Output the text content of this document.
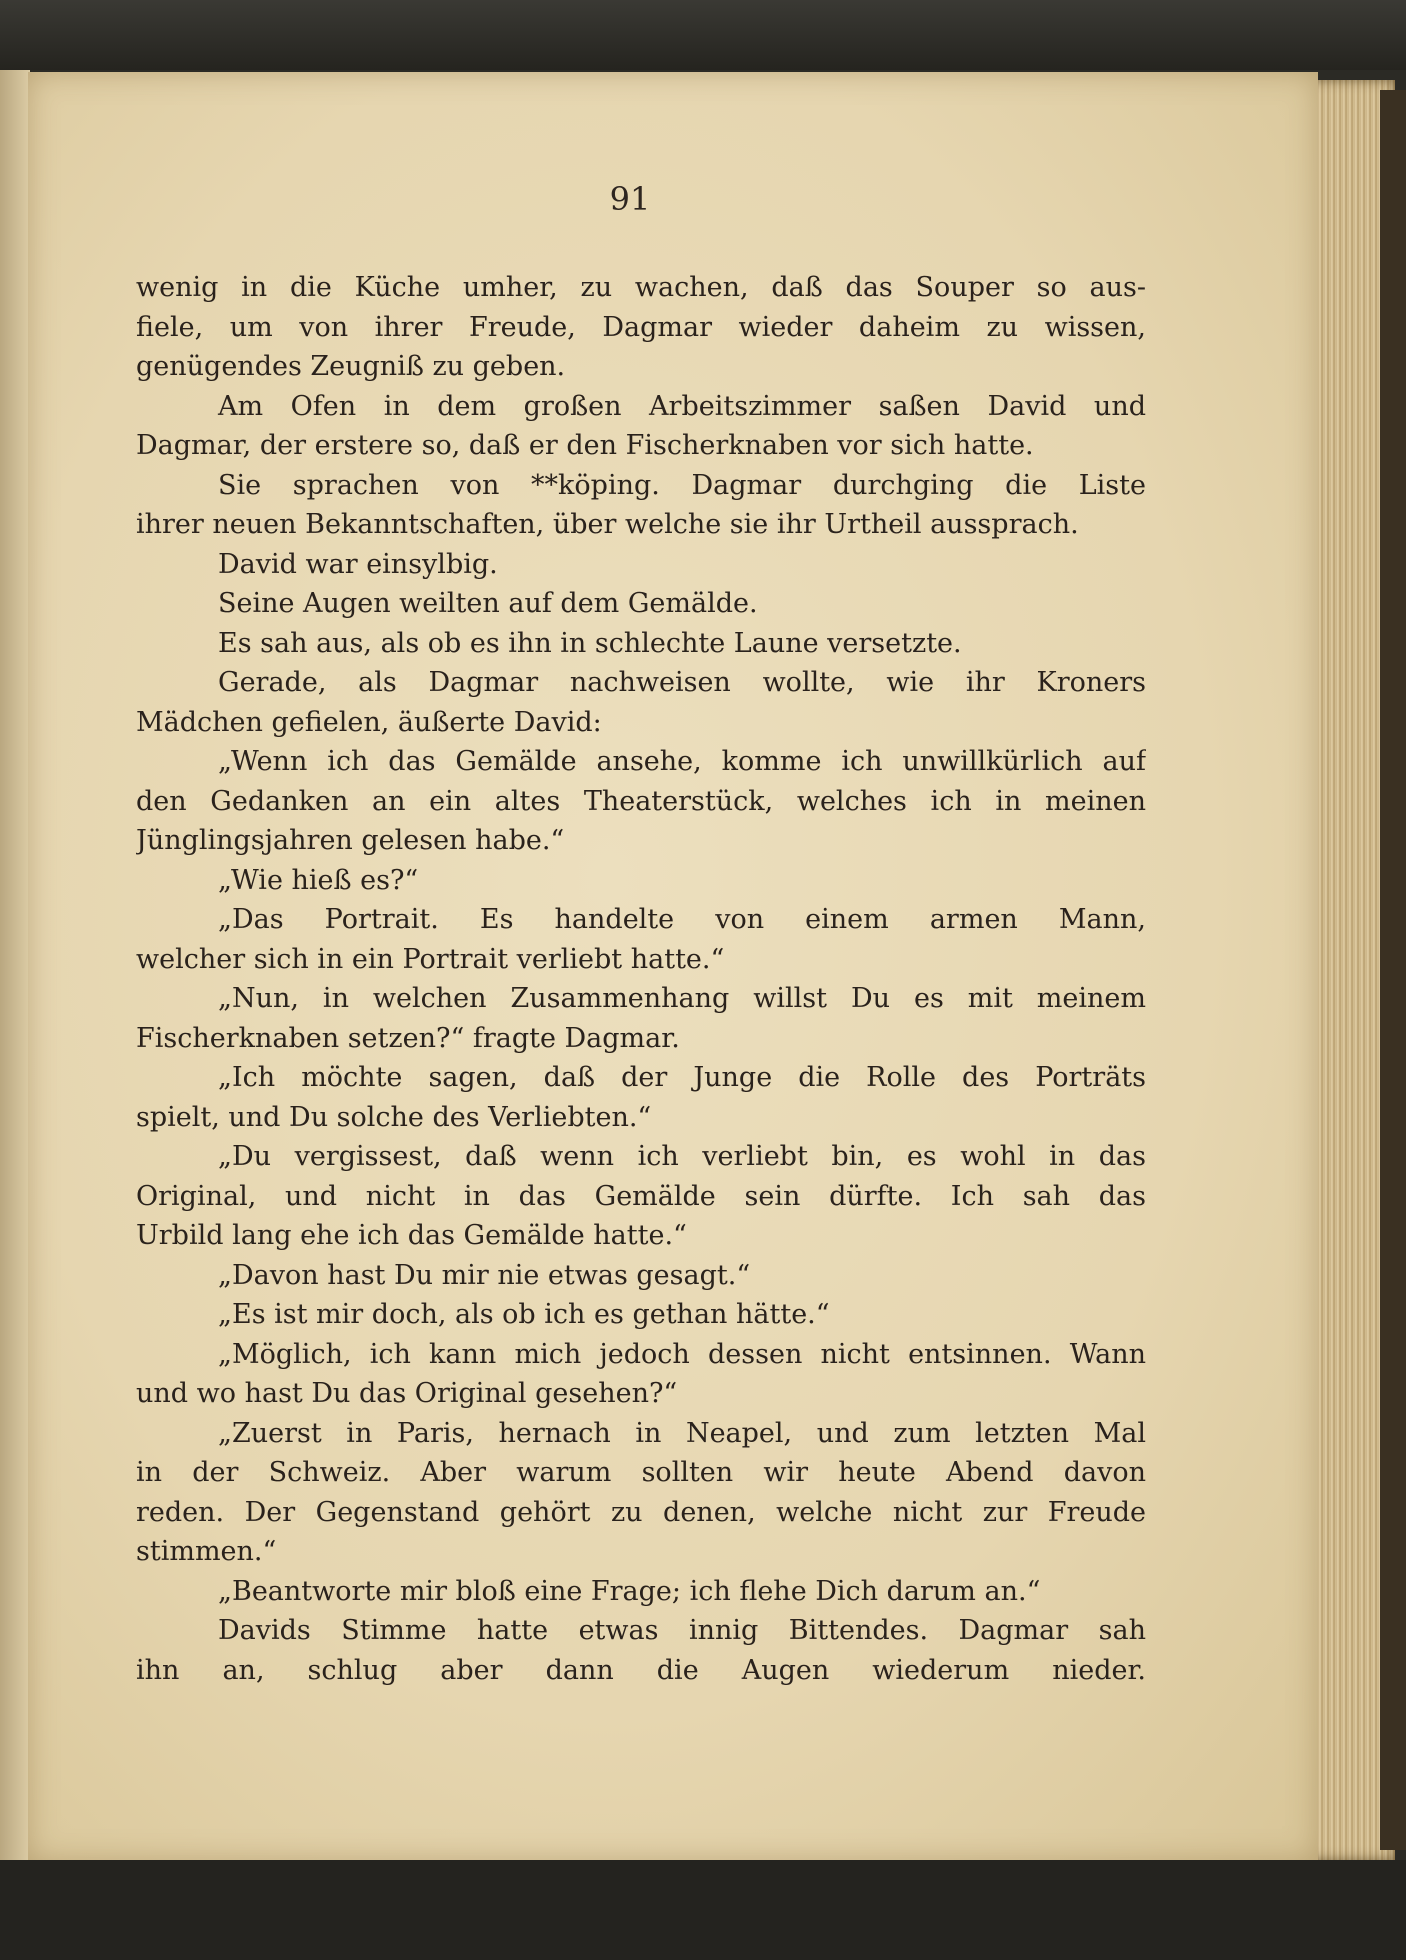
91
wenig in die Küche umher, zu wachen, daß das Souper so aus-
fiele, um von ihrer Freude, Dagmar wieder daheim zu wissen,
genügendes Zeugniß zu geben.
Am Ofen in dem großen Arbeitszimmer saßen David und
Dagmar, der erstere so, daß er den Fischerknaben vor sich hatte.
Sie sprachen von **köping. Dagmar durchging die Liste
ihrer neuen Bekanntschaften, über welche sie ihr Urtheil aussprach.
David war einsylbig.
Seine Augen weilten auf dem Gemälde.
Es sah aus, als ob es ihn in schlechte Laune versetzte.
Gerade, als Dagmar nachweisen wollte, wie ihr Kroners
Mädchen gefielen, äußerte David:
„Wenn ich das Gemälde ansehe, komme ich unwillkürlich auf
den Gedanken an ein altes Theaterstück, welches ich in meinen
Jünglingsjahren gelesen habe.“
„Wie hieß es?“
„Das Portrait. Es handelte von einem armen Mann,
welcher sich in ein Portrait verliebt hatte.“
„Nun, in welchen Zusammenhang willst Du es mit meinem
Fischerknaben setzen?“ fragte Dagmar.
„Ich möchte sagen, daß der Junge die Rolle des Porträts
spielt, und Du solche des Verliebten.“
„Du vergissest, daß wenn ich verliebt bin, es wohl in das
Original, und nicht in das Gemälde sein dürfte. Ich sah das
Urbild lang ehe ich das Gemälde hatte.“
„Davon hast Du mir nie etwas gesagt.“
„Es ist mir doch, als ob ich es gethan hätte.“
„Möglich, ich kann mich jedoch dessen nicht entsinnen. Wann
und wo hast Du das Original gesehen?“
„Zuerst in Paris, hernach in Neapel, und zum letzten Mal
in der Schweiz. Aber warum sollten wir heute Abend davon
reden. Der Gegenstand gehört zu denen, welche nicht zur Freude
stimmen.“
„Beantworte mir bloß eine Frage; ich flehe Dich darum an.“
Davids Stimme hatte etwas innig Bittendes. Dagmar sah
ihn an, schlug aber dann die Augen wiederum nieder.
